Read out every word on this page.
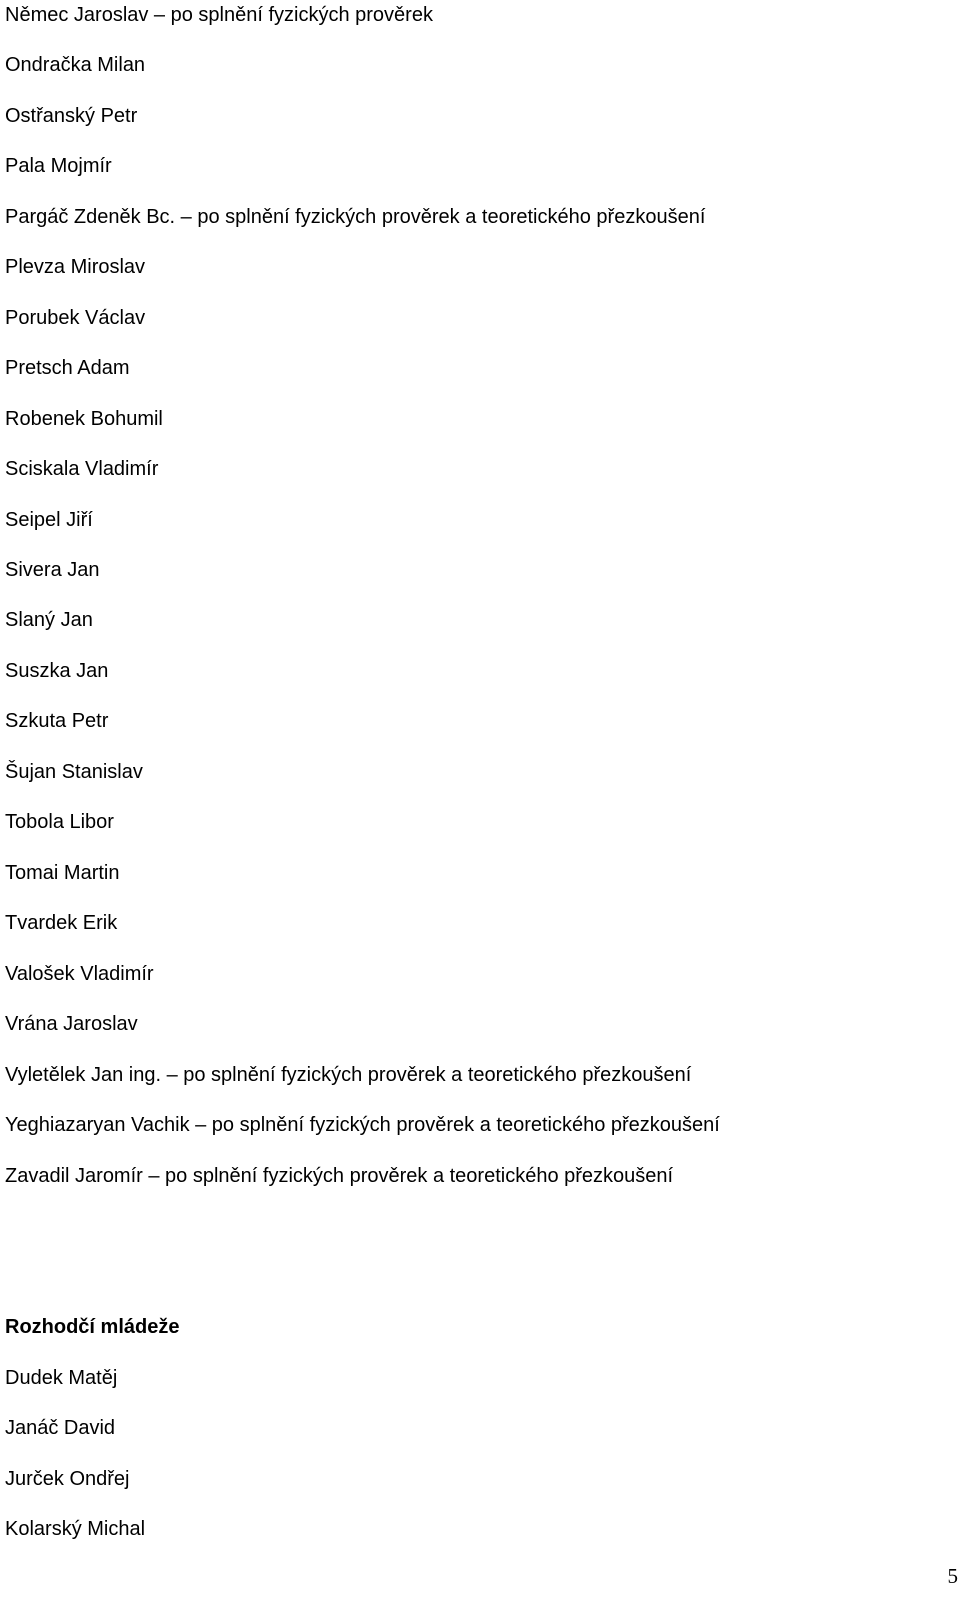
Němec Jaroslav – po splnění fyzických prověrek
Ondračka Milan
Ostřanský Petr
Pala Mojmír
Pargáč Zdeněk Bc. – po splnění fyzických prověrek a teoretického přezkoušení
Plevza Miroslav
Porubek Václav
Pretsch Adam
Robenek Bohumil
Sciskala Vladimír
Seipel Jiří
Sivera Jan
Slaný Jan
Suszka Jan
Szkuta Petr
Šujan Stanislav
Tobola Libor
Tomai Martin
Tvardek Erik
Valošek Vladimír
Vrána Jaroslav
Vyletělek Jan ing. – po splnění fyzických prověrek a teoretického přezkoušení
Yeghiazaryan Vachik – po splnění fyzických prověrek a teoretického přezkoušení
Zavadil Jaromír – po splnění fyzických prověrek a teoretického přezkoušení
Rozhodčí mládeže
Dudek Matěj
Janáč David
Jurček Ondřej
Kolarský Michal
5
